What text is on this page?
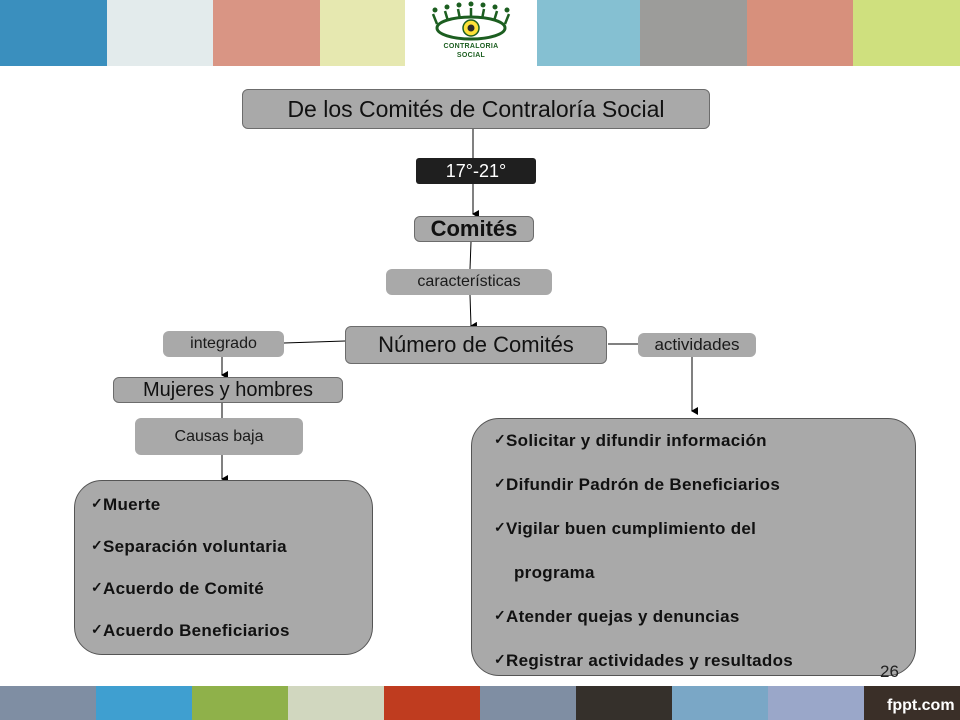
CONTRALORIA
SOCIAL
De los Comités de Contraloría Social
17°-21°
Comités
características
Número de Comités
integrado	actividades
Mujeres y hombres
Causas baja
✓ Muerte
✓ Separación voluntaria
✓ Acuerdo de Comité
✓ Acuerdo Beneficiarios
✓ Solicitar y difundir información
✓ Difundir Padrón de Beneficiarios
✓ Vigilar buen cumplimiento del
programa
✓ Atender quejas y denuncias
✓ Registrar actividades y resultados
26
fppt.com
